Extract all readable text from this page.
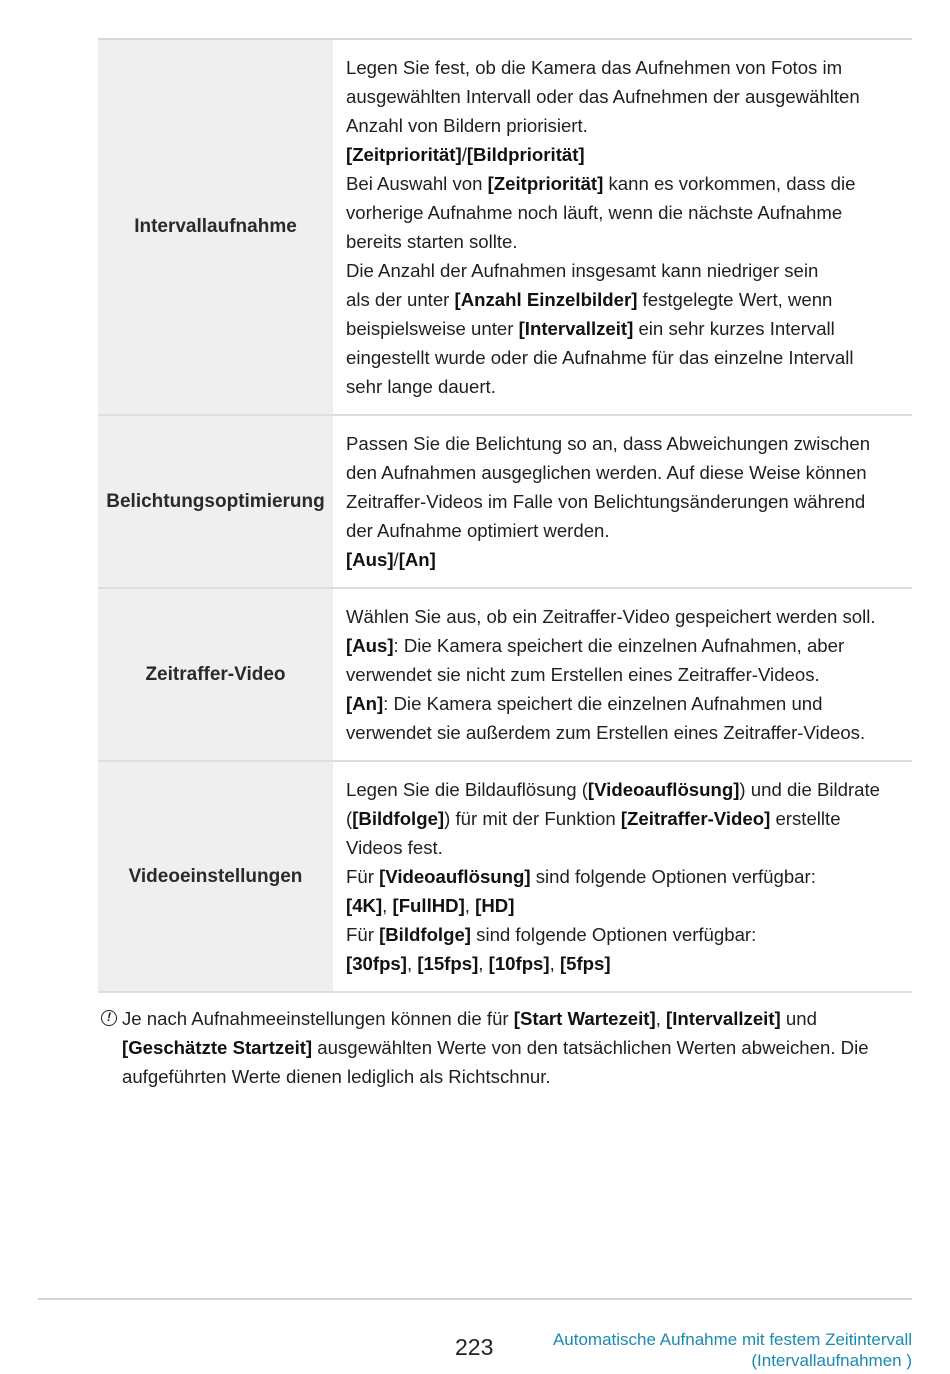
Intervallaufnahme
Legen Sie fest, ob die Kamera das Aufnehmen von Fotos im
ausgewählten Intervall oder das Aufnehmen der ausgewählten
Anzahl von Bildern priorisiert.
[Zeitpriorität]/[Bildpriorität]
Bei Auswahl von [Zeitpriorität] kann es vorkommen, dass die
vorherige Aufnahme noch läuft, wenn die nächste Aufnahme
bereits starten sollte.
Die Anzahl der Aufnahmen insgesamt kann niedriger sein
als der unter [Anzahl Einzelbilder] festgelegte Wert, wenn
beispielsweise unter [Intervallzeit] ein sehr kurzes Intervall
eingestellt wurde oder die Aufnahme für das einzelne Intervall
sehr lange dauert.
Belichtungsoptimierung
Passen Sie die Belichtung so an, dass Abweichungen zwischen
den Aufnahmen ausgeglichen werden. Auf diese Weise können
Zeitraffer-Videos im Falle von Belichtungsänderungen während
der Aufnahme optimiert werden.
[Aus]/[An]
Zeitraffer-Video
Wählen Sie aus, ob ein Zeitraffer-Video gespeichert werden soll.
[Aus]: Die Kamera speichert die einzelnen Aufnahmen, aber
verwendet sie nicht zum Erstellen eines Zeitraffer-Videos.
[An]: Die Kamera speichert die einzelnen Aufnahmen und
verwendet sie außerdem zum Erstellen eines Zeitraffer-Videos.
Videoeinstellungen
Legen Sie die Bildauflösung ([Videoauflösung]) und die Bildrate
([Bildfolge]) für mit der Funktion [Zeitraffer-Video] erstellte
Videos fest.
Für [Videoauflösung] sind folgende Optionen verfügbar:
[4K], [FullHD], [HD]
Für [Bildfolge] sind folgende Optionen verfügbar:
[30fps], [15fps], [10fps], [5fps]
! Je nach Aufnahmeeinstellungen können die für [Start Wartezeit], [Intervallzeit] und
[Geschätzte Startzeit] ausgewählten Werte von den tatsächlichen Werten abweichen. Die
aufgeführten Werte dienen lediglich als Richtschnur.
223	Automatische Aufnahme mit festem Zeitintervall
(Intervallaufnahmen )
